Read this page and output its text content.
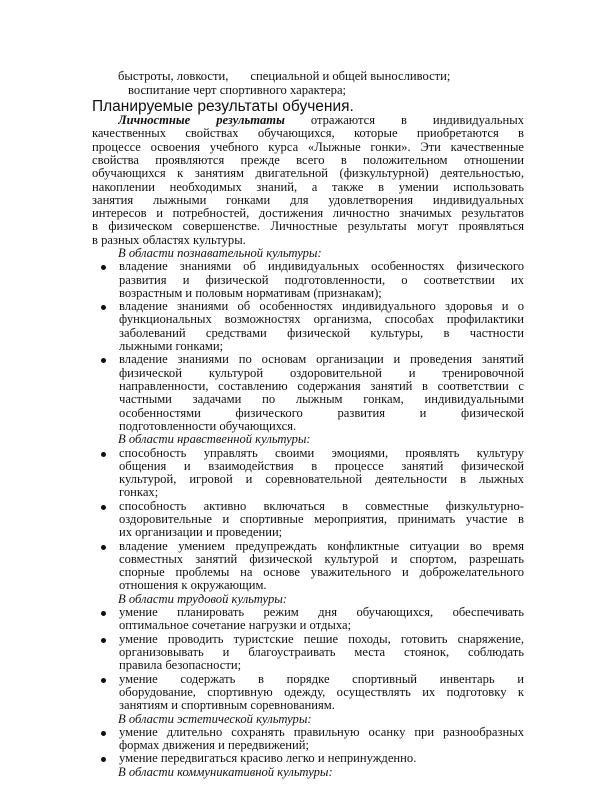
быстроты, ловкости, специальной и общей выносливости;
воспитание черт спортивного характера;
Планируемые результаты обучения.
Личностные результаты отражаются в индивидуальных
качественных свойствах обучающихся, которые приобретаются в
процессе освоения учебного курса «Лыжные гонки». Эти качественные
свойства проявляются прежде всего в положительном отношении
обучающихся к занятиям двигательной (физкультурной) деятельностью,
накоплении необходимых знаний, а также в умении использовать
занятия лыжными гонками для удовлетворения индивидуальных
интересов и потребностей, достижения личностно значимых результатов
в физическом совершенстве. Личностные результаты могут проявляться
в разных областях культуры.
В области познавательной культуры:
владение знаниями об индивидуальных особенностях физического
развития и физической подготовленности, о соответствии их
возрастным и половым нормативам (признакам);
владение знаниями об особенностях индивидуального здоровья и о
функциональных возможностях организма, способах профилактики
заболеваний средствами физической культуры, в частности
лыжными гонками;
владение знаниями по основам организации и проведения занятий
физической культурой оздоровительной и тренировочной
направленности, составлению содержания занятий в соответствии с
частными задачами по лыжным гонкам, индивидуальными
особенностями физического развития и физической
подготовленности обучающихся.
В области нравственной культуры:
способность управлять своими эмоциями, проявлять культуру
общения и взаимодействия в процессе занятий физической
культурой, игровой и соревновательной деятельности в лыжных
гонках;
способность активно включаться в совместные физкультурно-
оздоровительные и спортивные мероприятия, принимать участие в
их организации и проведении;
владение умением предупреждать конфликтные ситуации во время
совместных занятий физической культурой и спортом, разрешать
спорные проблемы на основе уважительного и доброжелательного
отношения к окружающим.
В области трудовой культуры:
умение планировать режим дня обучающихся, обеспечивать
оптимальное сочетание нагрузки и отдыха;
умение проводить туристские пешие походы, готовить снаряжение,
организовывать и благоустраивать места стоянок, соблюдать
правила безопасности;
умение содержать в порядке спортивный инвентарь и
оборудование, спортивную одежду, осуществлять их подготовку к
занятиям и спортивным соревнованиям.
В области эстетической культуры:
умение длительно сохранять правильную осанку при разнообразных
формах движения и передвижений;
умение передвигаться красиво легко и непринужденно.
В области коммуникативной культуры:
